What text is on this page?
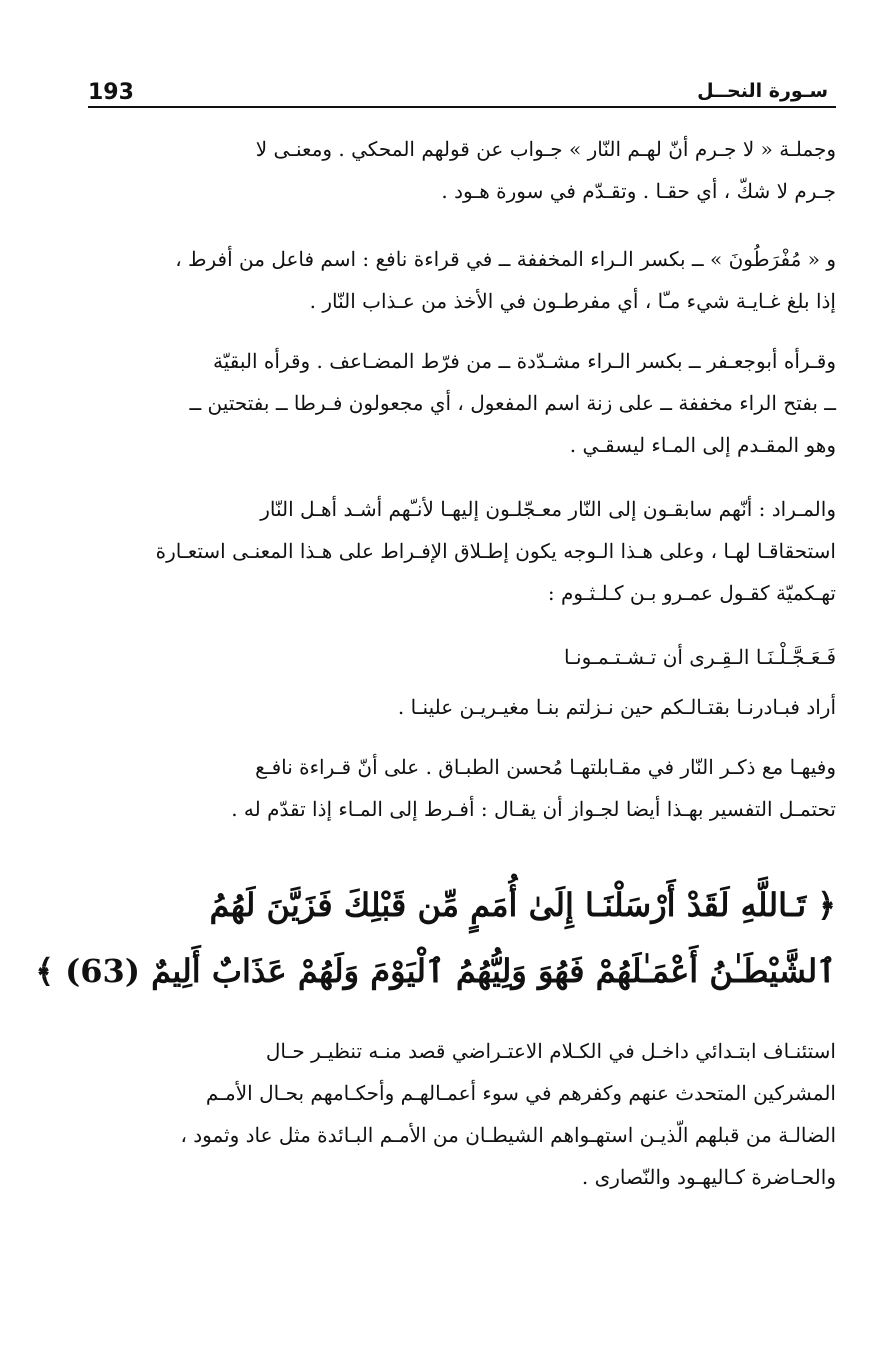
193	سـورة النحــل
وجملـة « لا جـرم أنّ لهـم النّار » جـواب عن قولهم المحكي . ومعنـى لا
جـرم لا شكّ ، أي حقـا . وتقـدّم في سورة هـود .
و « مُفْرَطُونَ » ــ بكسر الـراء المخففة ــ في قراءة نافع : اسم فاعل من أفرط ،
إذا بلغ غـايـة شيء مـّا ، أي مفرطـون في الأخذ من عـذاب النّار .
وقـرأه أبوجعـفر ــ بكسر الـراء مشـدّدة ــ من فرّط المضـاعف . وقرأه البقيّة
ــ بفتح الراء مخففة ــ على زنة اسم المفعول ، أي مجعولون فـرطا ــ بفتحتين ــ
وهو المقـدم إلى المـاء ليسقـي .
والمـراد : أنّهم سابقـون إلى النّار معـجّلـون إليهـا لأنـّهم أشـد أهـل النّار
استحقاقـا لهـا ، وعلى هـذا الـوجه يكون إطـلاق الإفـراط على هـذا المعنـى استعـارة
تهـكميّة كقـول عمـرو بـن كـلـثـوم :
فَـعَـجَّـلْـنَـا الـقِـرى أن تـشـتـمـونـا
أراد فبـادرنـا بقتـالـكم حين نـزلتم بنـا مغيـريـن علينـا .
وفيهـا مع ذكـر النّار في مقـابلتهـا مُحسن الطبـاق . على أنّ قـراءة نافـع
تحتمـل التفسير بهـذا أيضا لجـواز أن يقـال : أفـرط إلى المـاء إذا تقدّم له .
﴿ تَـاللَّهِ لَقَدْ أَرْسَلْنَـا إِلَىٰ أُمَمٍ مِّن قَبْلِكَ فَزَيَّنَ لَهُمُ
ٱلشَّيْطَـٰنُ أَعْمَـٰلَهُمْ فَهُوَ وَلِيُّهُمُ ٱلْيَوْمَ وَلَهُمْ عَذَابٌ أَلِيمٌ (63) ﴾
استئنـاف ابتـدائي داخـل في الكـلام الاعتـراضي قصد منـه تنظيـر حـال
المشركين المتحدث عنهم وكفرهم في سوء أعمـالهـم وأحكـامهم بحـال الأمـم
الضالـة من قبلهم الّذيـن استهـواهم الشيطـان من الأمـم البـائدة مثل عاد وثمود ،
والحـاضرة كـاليهـود والنّصارى .
